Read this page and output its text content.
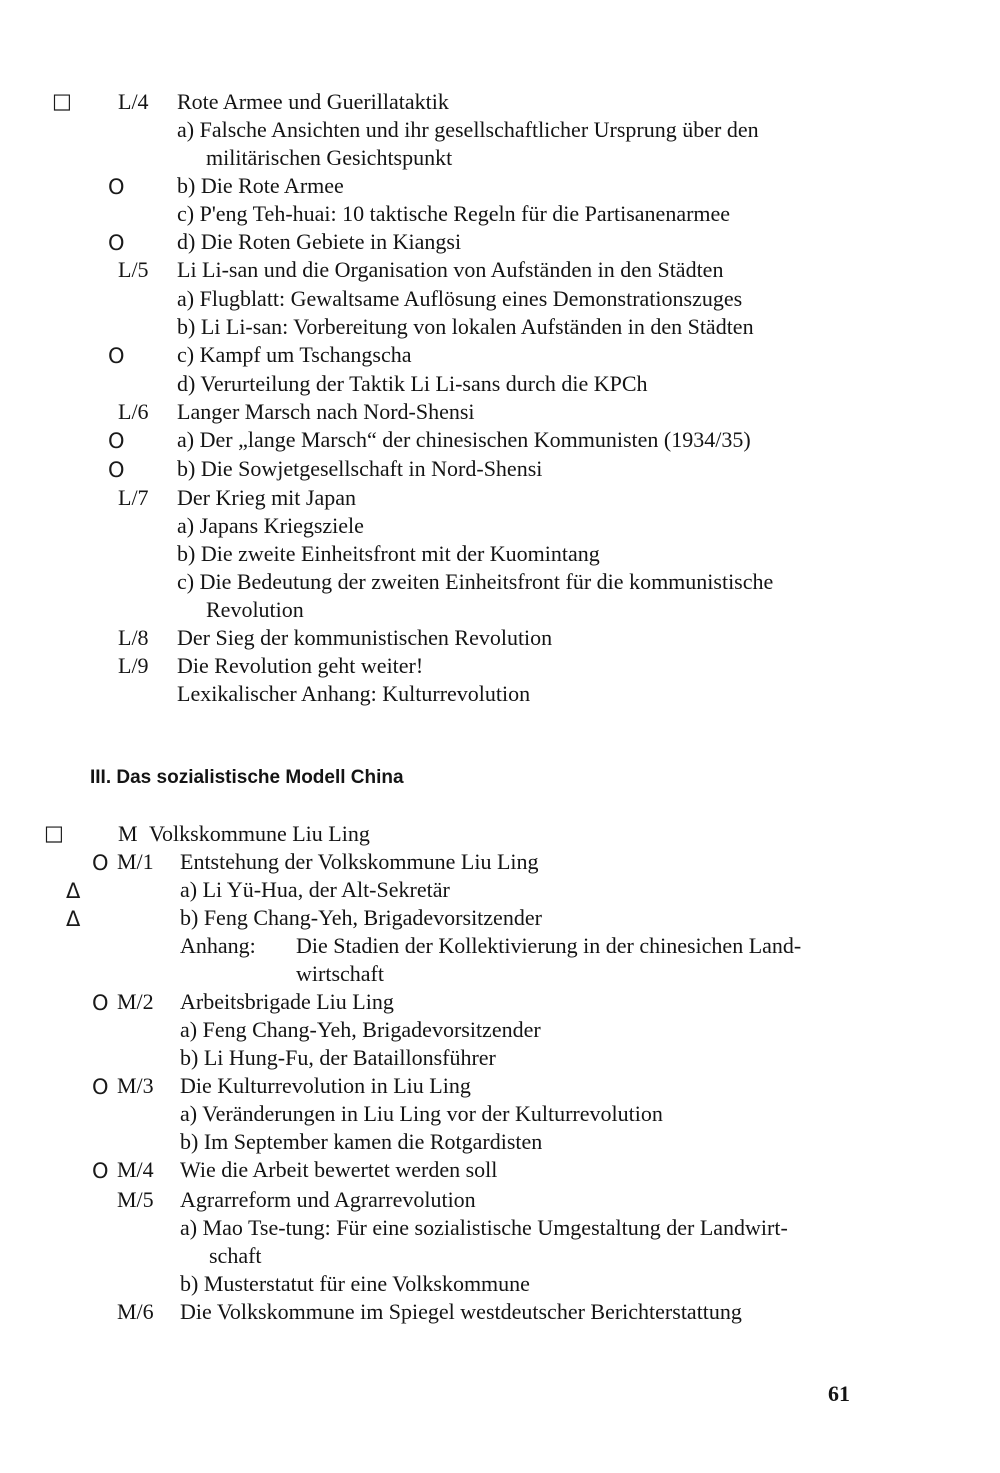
□ L/4 Rote Armee und Guerillataktik
a) Falsche Ansichten und ihr gesellschaftlicher Ursprung über den
militärischen Gesichtspunkt
O b) Die Rote Armee
c) P'eng Teh-huai: 10 taktische Regeln für die Partisanenarmee
O d) Die Roten Gebiete in Kiangsi
L/5 Li Li-san und die Organisation von Aufständen in den Städten
a) Flugblatt: Gewaltsame Auflösung eines Demonstrationszuges
b) Li Li-san: Vorbereitung von lokalen Aufständen in den Städten
O c) Kampf um Tschangscha
d) Verurteilung der Taktik Li Li-sans durch die KPCh
L/6 Langer Marsch nach Nord-Shensi
O a) Der „lange Marsch“ der chinesischen Kommunisten (1934/35)
O b) Die Sowjetgesellschaft in Nord-Shensi
L/7 Der Krieg mit Japan
a) Japans Kriegsziele
b) Die zweite Einheitsfront mit der Kuomintang
c) Die Bedeutung der zweiten Einheitsfront für die kommunistische
Revolution
L/8 Der Sieg der kommunistischen Revolution
L/9 Die Revolution geht weiter!
Lexikalischer Anhang: Kulturrevolution
III. Das sozialistische Modell China
□ M Volkskommune Liu Ling
O M/1 Entstehung der Volkskommune Liu Ling
Δ	a) Li Yü-Hua, der Alt-Sekretär
Δ	b) Feng Chang-Yeh, Brigadevorsitzender
Anhang: Die Stadien der Kollektivierung in der chinesichen Land-
wirtschaft
O M/2 Arbeitsbrigade Liu Ling
a) Feng Chang-Yeh, Brigadevorsitzender
b) Li Hung-Fu, der Bataillonsführer
O M/3 Die Kulturrevolution in Liu Ling
a) Veränderungen in Liu Ling vor der Kulturrevolution
b) Im September kamen die Rotgardisten
O M/4 Wie die Arbeit bewertet werden soll
M/5 Agrarreform und Agrarrevolution
a) Mao Tse-tung: Für eine sozialistische Umgestaltung der Landwirt-
schaft
b) Musterstatut für eine Volkskommune
M/6 Die Volkskommune im Spiegel westdeutscher Berichterstattung
61
